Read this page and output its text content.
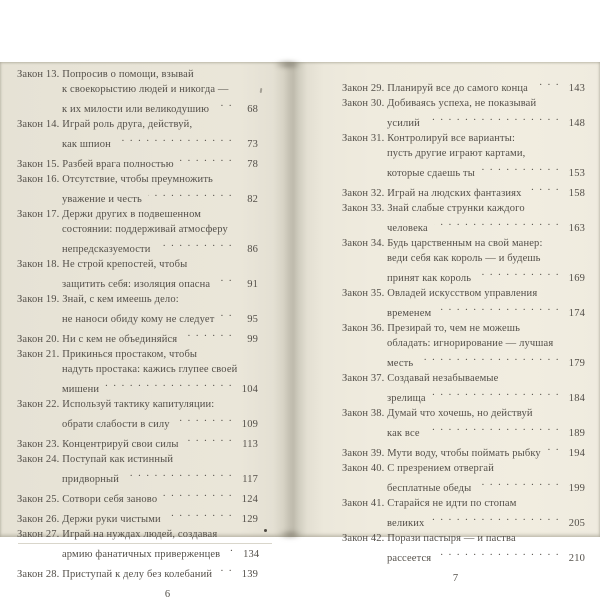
Закон 13. Попросив о помощи, взывай
к своекорыстию людей и никогда —
к их милости или великодушию . . .	68
Закон 14. Играй роль друга, действуй,
как шпион . . .	73
Закон 15. Разбей врага полностью . . .	78
Закон 16. Отсутствие, чтобы преумножить
уважение и честь . . .	82
Закон 17. Держи других в подвешенном
состоянии: поддерживай атмосферу
непредсказуемости . . .	86
Закон 18. Не строй крепостей, чтобы
защитить себя: изоляция опасна . . .	91
Закон 19. Знай, с кем имеешь дело:
не наноси обиду кому не следует . . .	95
Закон 20. Ни с кем не объединяйся . . .	99
Закон 21. Прикинься простаком, чтобы
надуть простака: кажись глупее своей
мишени . . .	104
Закон 22. Используй тактику капитуляции:
обрати слабости в силу . . .	109
Закон 23. Концентрируй свои силы . . .	113
Закон 24. Поступай как истинный
придворный . . .	117
Закон 25. Сотвори себя заново . . .	124
Закон 26. Держи руки чистыми . . .	129
Закон 27. Играй на нуждах людей, создавая
армию фанатичных приверженцев . . .	134
Закон 28. Приступай к делу без колебаний . . .	139
6
Закон 29. Планируй все до самого конца . . .	143
Закон 30. Добиваясь успеха, не показывай
усилий . . .	148
Закон 31. Контролируй все варианты:
пусть другие играют картами,
которые сдаешь ты . . .	153
Закон 32. Играй на людских фантазиях . . .	158
Закон 33. Знай слабые струнки каждого
человека . . .	163
Закон 34. Будь царственным на свой манер:
веди себя как король — и будешь
принят как король . . .	169
Закон 35. Овладей искусством управления
временем . . .	174
Закон 36. Презирай то, чем не можешь
обладать: игнорирование — лучшая
месть . . .	179
Закон 37. Создавай незабываемые
зрелища . . .	184
Закон 38. Думай что хочешь, но действуй
как все . . .	189
Закон 39. Мути воду, чтобы поймать рыбку . . .	194
Закон 40. С презрением отвергай
бесплатные обеды . . .	199
Закон 41. Старайся не идти по стопам
великих . . .	205
Закон 42. Порази пастыря — и паства
рассеется . . .	210
7
